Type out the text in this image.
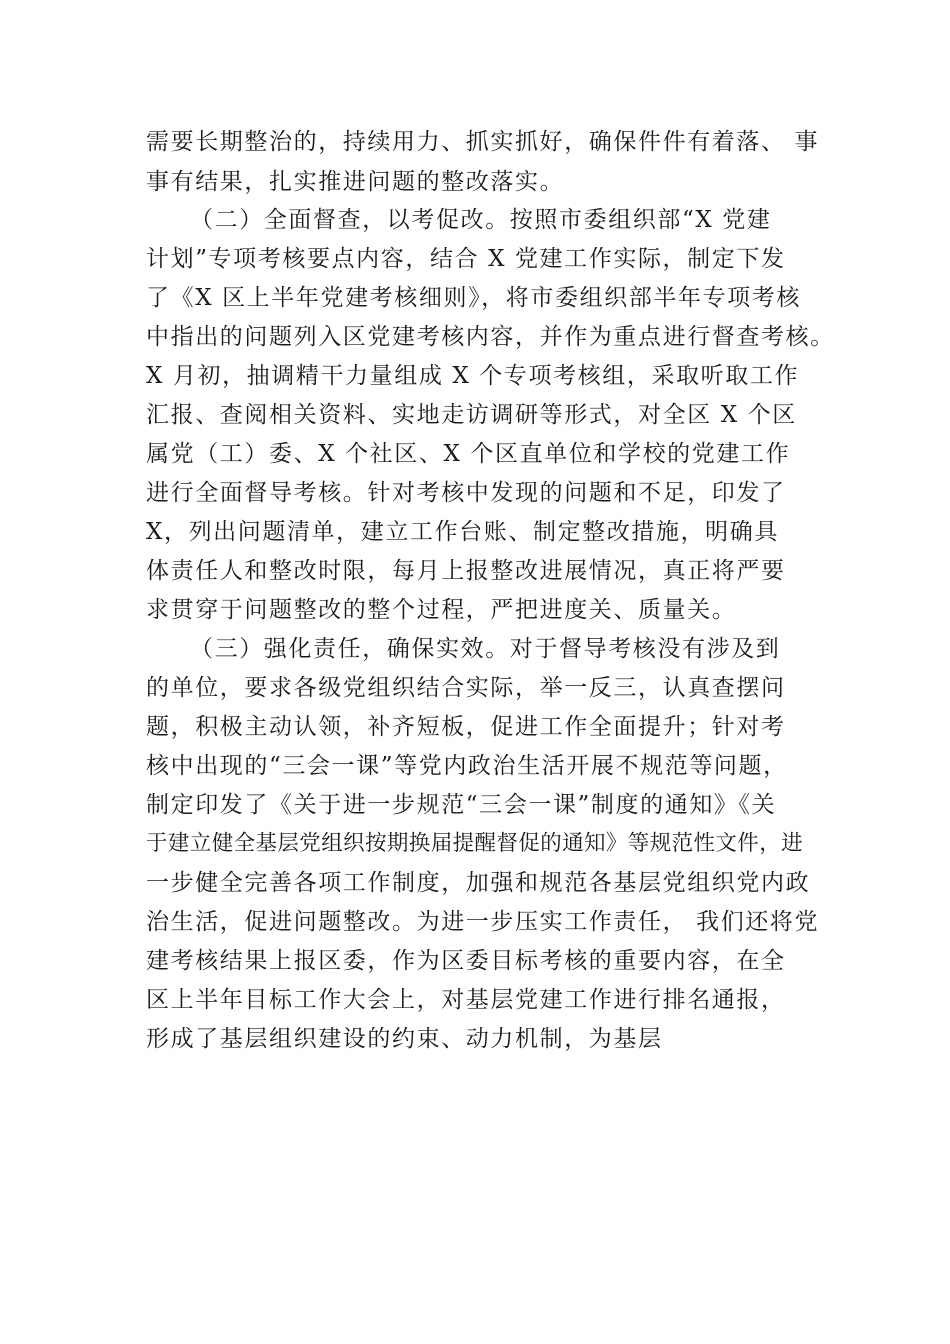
需要长期整治的，持续用力、抓实抓好，确保件件有着落、 事
事有结果，扎实推进问题的整改落实。
（二）全面督查，以考促改。按照市委组织部“X 党建
计划”专项考核要点内容，结合 X 党建工作实际，制定下发
了《X 区上半年党建考核细则》，将市委组织部半年专项考核
中指出的问题列入区党建考核内容，并作为重点进行督查考核。
X 月初，抽调精干力量组成 X 个专项考核组，采取听取工作
汇报、查阅相关资料、实地走访调研等形式，对全区 X 个区
属党（工）委、X 个社区、X 个区直单位和学校的党建工作
进行全面督导考核。针对考核中发现的问题和不足，印发了
X，列出问题清单，建立工作台账、制定整改措施，明确具
体责任人和整改时限，每月上报整改进展情况，真正将严要
求贯穿于问题整改的整个过程，严把进度关、质量关。
（三）强化责任，确保实效。对于督导考核没有涉及到
的单位，要求各级党组织结合实际，举一反三，认真查摆问
题，积极主动认领，补齐短板，促进工作全面提升；针对考
核中出现的“三会一课”等党内政治生活开展不规范等问题，
制定印发了《关于进一步规范“三会一课”制度的通知》《关
于建立健全基层党组织按期换届提醒督促的通知》等规范性文件，进
一步健全完善各项工作制度，加强和规范各基层党组织党内政
治生活，促进问题整改。为进一步压实工作责任， 我们还将党
建考核结果上报区委，作为区委目标考核的重要内容，在全
区上半年目标工作大会上，对基层党建工作进行排名通报，
形成了基层组织建设的约束、动力机制，为基层
